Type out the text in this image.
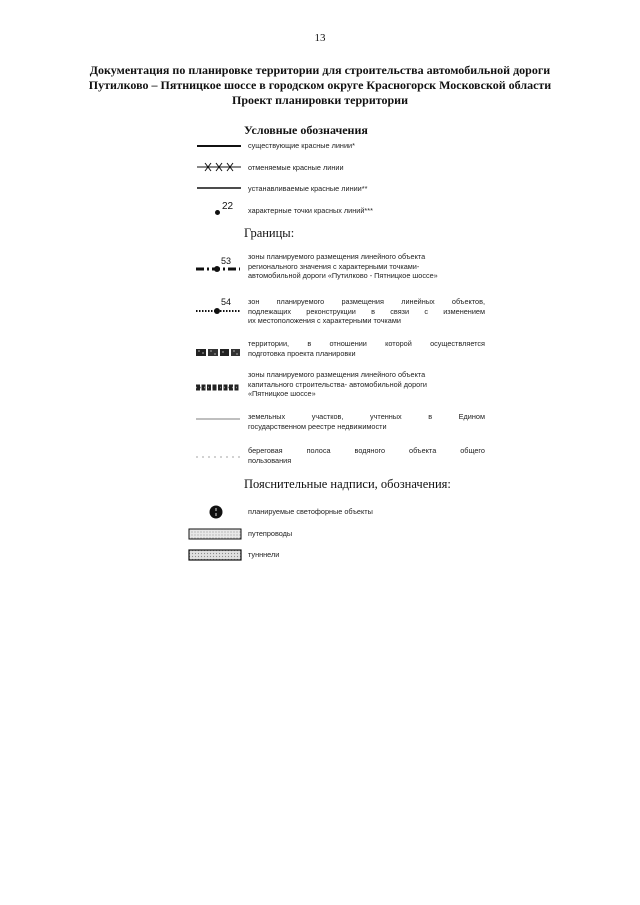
13
Документация по планировке территории для строительства автомобильной дороги
Путилково – Пятницкое шоссе в городском округе Красногорск Московской области
Проект планировки территории
Условные обозначения
существующие красные линии*
отменяемые красные линии
устанавливаемые красные линии**
22 характерные точки красных линий***
Границы:
53 зоны планируемого размещения линейного объекта
регионального значения с характерными точками-
автомобильной дороги «Путилково - Пятницкое шоссе»
54 зон планируемого размещения линейных объектов,
подлежащих реконструкции в связи с изменением
их местоположения с характерными точками
территории, в отношении которой осуществляется
подготовка проекта планировки
зоны планируемого размещения линейного объекта
капитального строительства- автомобильной дороги
«Пятницкое шоссе»
земельных участков, учтенных в Едином
государственном реестре недвижимости
береговая полоса водяного объекта общего
пользования
Пояснительные надписи, обозначения:
планируемые светофорные объекты
путепроводы
тунннели
